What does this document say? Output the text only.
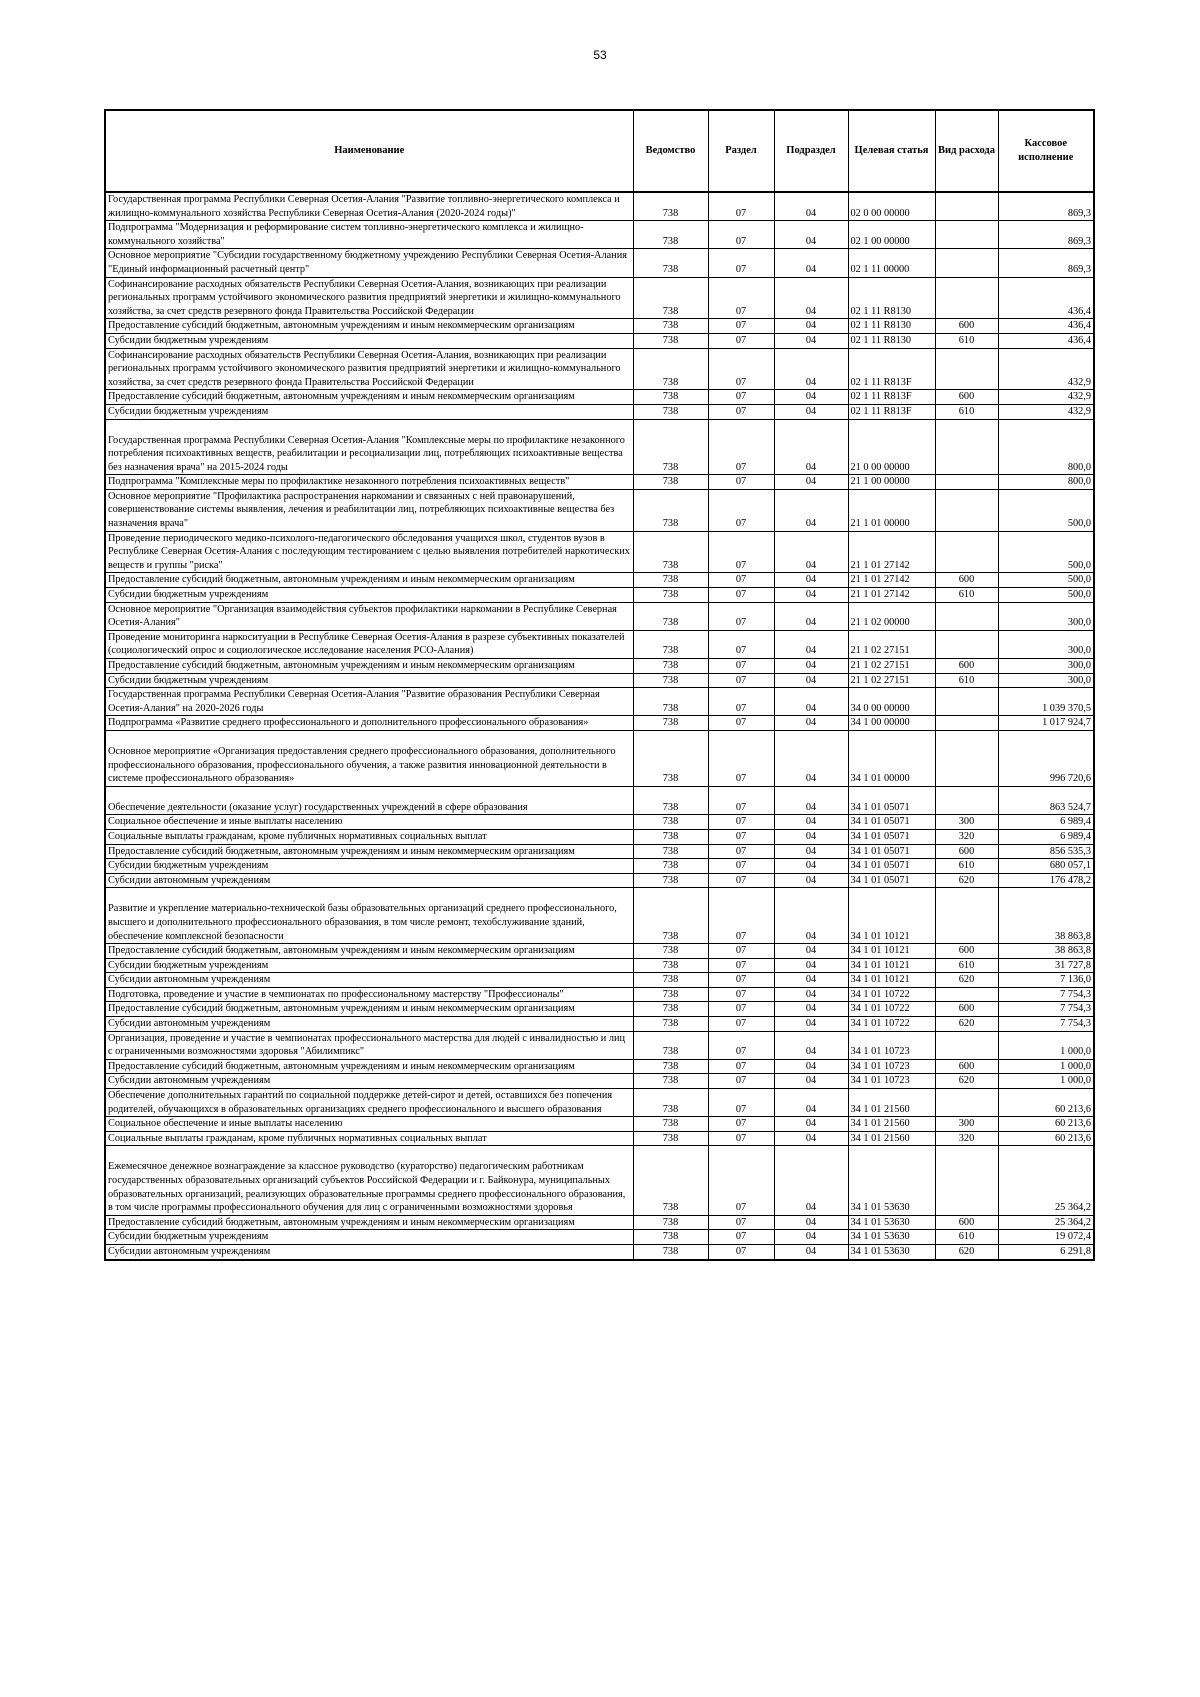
53
Наименование	Ведомство	Раздел	Подраздел	Целевая статья	Вид расхода	Кассовое исполнение
Государственная программа Республики Северная Осетия-Алания "Развитие топливно-энергетического комплекса и жилищно-коммунального хозяйства Республики Северная Осетия-Алания (2020-2024 годы)"	738	07	04	02 0 00 00000		869,3
Подпрограмма "Модернизация и реформирование систем топливно-энергетического комплекса и жилищно-коммунального хозяйства"	738	07	04	02 1 00 00000		869,3
Основное мероприятие "Субсидии государственному бюджетному учреждению Республики Северная Осетия-Алания "Единый информационный расчетный центр"	738	07	04	02 1 11 00000		869,3
Софинансирование расходных обязательств Республики Северная Осетия-Алания, возникающих при реализации региональных программ устойчивого экономического развития предприятий энергетики и жилищно-коммунального хозяйства, за счет средств резервного фонда Правительства Российской Федерации	738	07	04	02 1 11 R8130		436,4
Предоставление субсидий бюджетным, автономным учреждениям и иным некоммерческим организациям	738	07	04	02 1 11 R8130	600	436,4
Субсидии бюджетным учреждениям	738	07	04	02 1 11 R8130	610	436,4
Софинансирование расходных обязательств Республики Северная Осетия-Алания, возникающих при реализации региональных программ устойчивого экономического развития предприятий энергетики и жилищно-коммунального хозяйства, за счет средств резервного фонда Правительства Российской Федерации	738	07	04	02 1 11 R813F		432,9
Предоставление субсидий бюджетным, автономным учреждениям и иным некоммерческим организациям	738	07	04	02 1 11 R813F	600	432,9
Субсидии бюджетным учреждениям	738	07	04	02 1 11 R813F	610	432,9
Государственная программа Республики Северная Осетия-Алания "Комплексные меры по профилактике незаконного потребления психоактивных веществ, реабилитации и ресоциализации лиц, потребляющих психоактивные вещества без назначения врача" на 2015-2024 годы	738	07	04	21 0 00 00000		800,0
Подпрограмма "Комплексные меры по профилактике незаконного потребления психоактивных веществ"	738	07	04	21 1 00 00000		800,0
Основное мероприятие "Профилактика распространения наркомании и связанных с ней правонарушений, совершенствование системы выявления, лечения и реабилитации лиц, потребляющих психоактивные вещества без назначения врача"	738	07	04	21 1 01 00000		500,0
Проведение периодического медико-психолого-педагогического обследования учащихся школ, студентов вузов в Республике Северная Осетия-Алания с последующим тестированием с целью выявления потребителей наркотических веществ и группы "риска"	738	07	04	21 1 01 27142		500,0
Предоставление субсидий бюджетным, автономным учреждениям и иным некоммерческим организациям	738	07	04	21 1 01 27142	600	500,0
Субсидии бюджетным учреждениям	738	07	04	21 1 01 27142	610	500,0
Основное мероприятие "Организация взаимодействия субъектов профилактики наркомании в Республике Северная Осетия-Алания"	738	07	04	21 1 02 00000		300,0
Проведение мониторинга наркоситуации в Республике Северная Осетия-Алания в разрезе субъективных показателей (социологический опрос и социологическое исследование населения РСО-Алания)	738	07	04	21 1 02 27151		300,0
Предоставление субсидий бюджетным, автономным учреждениям и иным некоммерческим организациям	738	07	04	21 1 02 27151	600	300,0
Субсидии бюджетным учреждениям	738	07	04	21 1 02 27151	610	300,0
Государственная программа Республики Северная Осетия-Алания "Развитие образования Республики Северная Осетия-Алания" на 2020-2026 годы	738	07	04	34 0 00 00000		1 039 370,5
Подпрограмма «Развитие среднего профессионального и дополнительного профессионального образования»	738	07	04	34 1 00 00000		1 017 924,7
Основное мероприятие «Организация предоставления среднего профессионального образования, дополнительного профессионального образования, профессионального обучения, а также развития инновационной деятельности в системе профессионального образования»	738	07	04	34 1 01 00000		996 720,6
Обеспечение деятельности (оказание услуг) государственных учреждений в сфере образования	738	07	04	34 1 01 05071		863 524,7
Социальное обеспечение и иные выплаты населению	738	07	04	34 1 01 05071	300	6 989,4
Социальные выплаты гражданам, кроме публичных нормативных социальных выплат	738	07	04	34 1 01 05071	320	6 989,4
Предоставление субсидий бюджетным, автономным учреждениям и иным некоммерческим организациям	738	07	04	34 1 01 05071	600	856 535,3
Субсидии бюджетным учреждениям	738	07	04	34 1 01 05071	610	680 057,1
Субсидии автономным учреждениям	738	07	04	34 1 01 05071	620	176 478,2
Развитие и укрепление материально-технической базы образовательных организаций среднего профессионального, высшего и дополнительного профессионального образования, в том числе ремонт, техобслуживание зданий, обеспечение комплексной безопасности	738	07	04	34 1 01 10121		38 863,8
Предоставление субсидий бюджетным, автономным учреждениям и иным некоммерческим организациям	738	07	04	34 1 01 10121	600	38 863,8
Субсидии бюджетным учреждениям	738	07	04	34 1 01 10121	610	31 727,8
Субсидии автономным учреждениям	738	07	04	34 1 01 10121	620	7 136,0
Подготовка, проведение и участие в чемпионатах по профессиональному мастерству "Профессионалы"	738	07	04	34 1 01 10722		7 754,3
Предоставление субсидий бюджетным, автономным учреждениям и иным некоммерческим организациям	738	07	04	34 1 01 10722	600	7 754,3
Субсидии автономным учреждениям	738	07	04	34 1 01 10722	620	7 754,3
Организация, проведение и участие в чемпионатах профессионального мастерства для людей с инвалидностью и лиц с ограниченными возможностями здоровья "Абилимпикс"	738	07	04	34 1 01 10723		1 000,0
Предоставление субсидий бюджетным, автономным учреждениям и иным некоммерческим организациям	738	07	04	34 1 01 10723	600	1 000,0
Субсидии автономным учреждениям	738	07	04	34 1 01 10723	620	1 000,0
Обеспечение дополнительных гарантий по социальной поддержке детей-сирот и детей, оставшихся без попечения родителей, обучающихся в образовательных организациях среднего профессионального и высшего образования	738	07	04	34 1 01 21560		60 213,6
Социальное обеспечение и иные выплаты населению	738	07	04	34 1 01 21560	300	60 213,6
Социальные выплаты гражданам, кроме публичных нормативных социальных выплат	738	07	04	34 1 01 21560	320	60 213,6
Ежемесячное денежное вознаграждение за классное руководство (кураторство) педагогическим работникам государственных образовательных организаций субъектов Российской Федерации и г. Байконура, муниципальных образовательных организаций, реализующих образовательные программы среднего профессионального образования, в том числе программы профессионального обучения для лиц с ограниченными возможностями здоровья	738	07	04	34 1 01 53630		25 364,2
Предоставление субсидий бюджетным, автономным учреждениям и иным некоммерческим организациям	738	07	04	34 1 01 53630	600	25 364,2
Субсидии бюджетным учреждениям	738	07	04	34 1 01 53630	610	19 072,4
Субсидии автономным учреждениям	738	07	04	34 1 01 53630	620	6 291,8
